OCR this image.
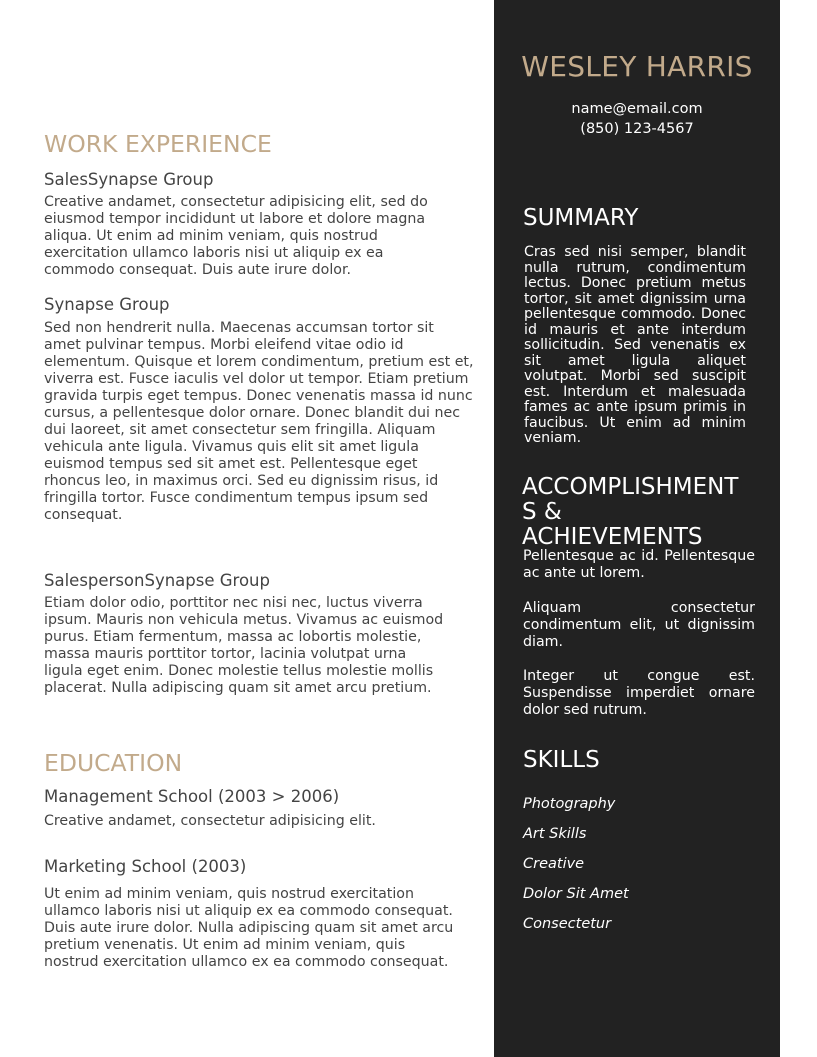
WORK EXPERIENCE
SalesSynapse Group

Creative andamet, consectetur adipisicing elit, sed do eiusmod tempor incididunt ut labore et dolore magna aliqua. Ut enim ad minim veniam, quis nostrud exercitation ullamco laboris nisi ut aliquip ex ea commodo consequat. Duis aute irure dolor.

Synapse Group

Sed non hendrerit nulla. Maecenas accumsan tortor sit amet pulvinar tempus. Morbi eleifend vitae odio id elementum. Quisque et lorem condimentum, pretium est et, viverra est. Fusce iaculis vel dolor ut tempor. Etiam pretium gravida turpis eget tempus. Donec venenatis massa id nunc cursus, a pellentesque dolor ornare. Donec blandit dui nec dui laoreet, sit amet consectetur sem fringilla. Aliquam vehicula ante ligula. Vivamus quis elit sit amet ligula euismod tempus sed sit amet est. Pellentesque eget rhoncus leo, in maximus orci. Sed eu dignissim risus, id fringilla tortor. Fusce condimentum tempus ipsum sed consequat.

SalespersonSynapse Group

Etiam dolor odio, porttitor nec nisi nec, luctus viverra ipsum. Mauris non vehicula metus. Vivamus ac euismod purus. Etiam fermentum, massa ac lobortis molestie, massa mauris porttitor tortor, lacinia volutpat urna ligula eget enim. Donec molestie tellus molestie mollis placerat. Nulla adipiscing quam sit amet arcu pretium.

EDUCATION
Management School (2003 > 2006)

Creative andamet, consectetur adipisicing elit.

Marketing School (2003)

Ut enim ad minim veniam, quis nostrud exercitation ullamco laboris nisi ut aliquip ex ea commodo consequat. Duis aute irure dolor. Nulla adipiscing quam sit amet arcu pretium venenatis. Ut enim ad minim veniam, quis nostrud exercitation ullamco ex ea commodo consequat.

WESLEY HARRIS
name@email.com
(850) 123-4567
SUMMARY

Cras sed nisi semper, blandit nulla rutrum, condimentum lectus. Donec pretium metus tortor, sit amet dignissim urna pellentesque commodo. Donec id mauris et ante interdum sollicitudin. Sed venenatis ex sit amet ligula aliquet volutpat. Morbi sed suscipit est. Interdum et malesuada fames ac ante ipsum primis in faucibus. Ut enim ad minim veniam.

ACCOMPLISHMENT
S &
ACHIEVEMENTS

Pellentesque ac id. Pellentesque ac ante ut lorem.

Aliquam consectetur condimentum elit, ut dignissim diam.

Integer ut congue est. Suspendisse imperdiet ornare dolor sed rutrum.

SKILLS
Photography
Art Skills
Creative
Dolor Sit Amet
Consectetur
